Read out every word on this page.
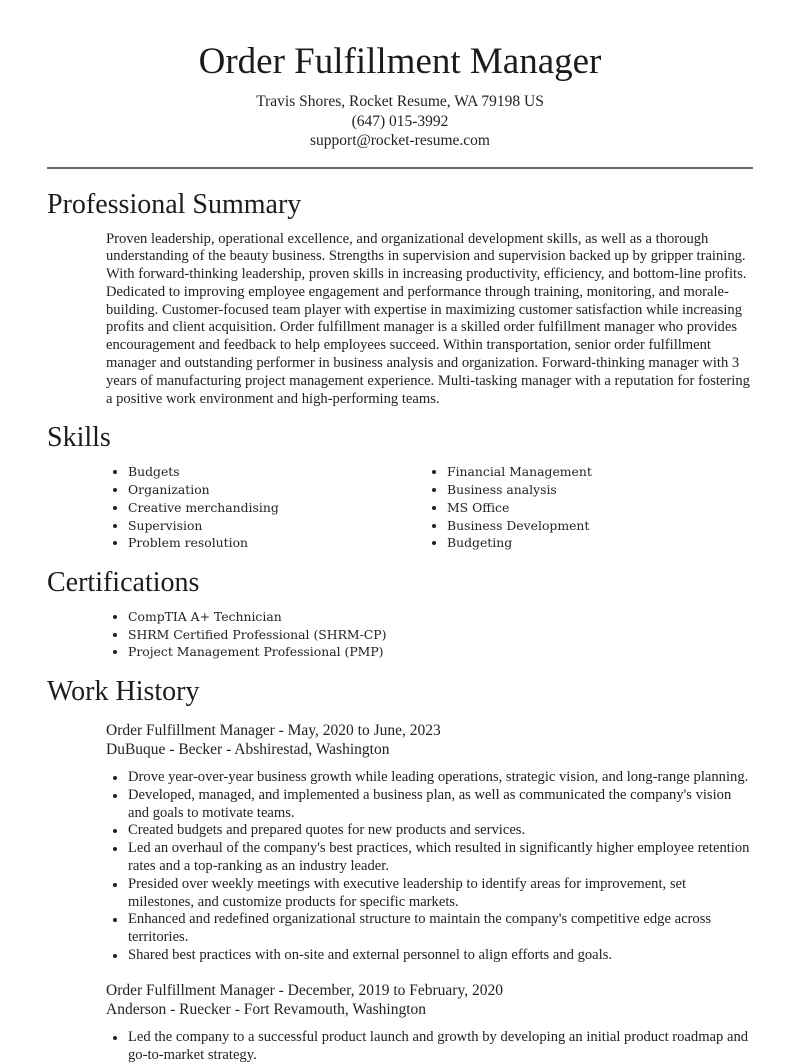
Order Fulfillment Manager
Travis Shores, Rocket Resume, WA 79198 US
(647) 015-3992
support@rocket-resume.com
Professional Summary

Proven leadership, operational excellence, and organizational development skills, as well as a thorough understanding of the beauty business. Strengths in supervision and supervision backed up by gripper training. With forward-thinking leadership, proven skills in increasing productivity, efficiency, and bottom-line profits. Dedicated to improving employee engagement and performance through training, monitoring, and morale-building. Customer-focused team player with expertise in maximizing customer satisfaction while increasing profits and client acquisition. Order fulfillment manager is a skilled order fulfillment manager who provides encouragement and feedback to help employees succeed. Within transportation, senior order fulfillment manager and outstanding performer in business analysis and organization. Forward-thinking manager with 3 years of manufacturing project management experience. Multi-tasking manager with a reputation for fostering a positive work environment and high-performing teams.

Skills
Budgets
Organization
Creative merchandising
Supervision
Problem resolution
Financial Management
Business analysis
MS Office
Business Development
Budgeting
Certifications
CompTIA A+ Technician
SHRM Certified Professional (SHRM-CP)
Project Management Professional (PMP)
Work History
Order Fulfillment Manager - May, 2020 to June, 2023
DuBuque - Becker - Abshirestad, Washington
Drove year-over-year business growth while leading operations, strategic vision, and long-range planning.
Developed, managed, and implemented a business plan, as well as communicated the company's vision and goals to motivate teams.
Created budgets and prepared quotes for new products and services.
Led an overhaul of the company's best practices, which resulted in significantly higher employee retention rates and a top-ranking as an industry leader.
Presided over weekly meetings with executive leadership to identify areas for improvement, set milestones, and customize products for specific markets.
Enhanced and redefined organizational structure to maintain the company's competitive edge across territories.
Shared best practices with on-site and external personnel to align efforts and goals.
Order Fulfillment Manager - December, 2019 to February, 2020
Anderson - Ruecker - Fort Revamouth, Washington
Led the company to a successful product launch and growth by developing an initial product roadmap and go-to-market strategy.
